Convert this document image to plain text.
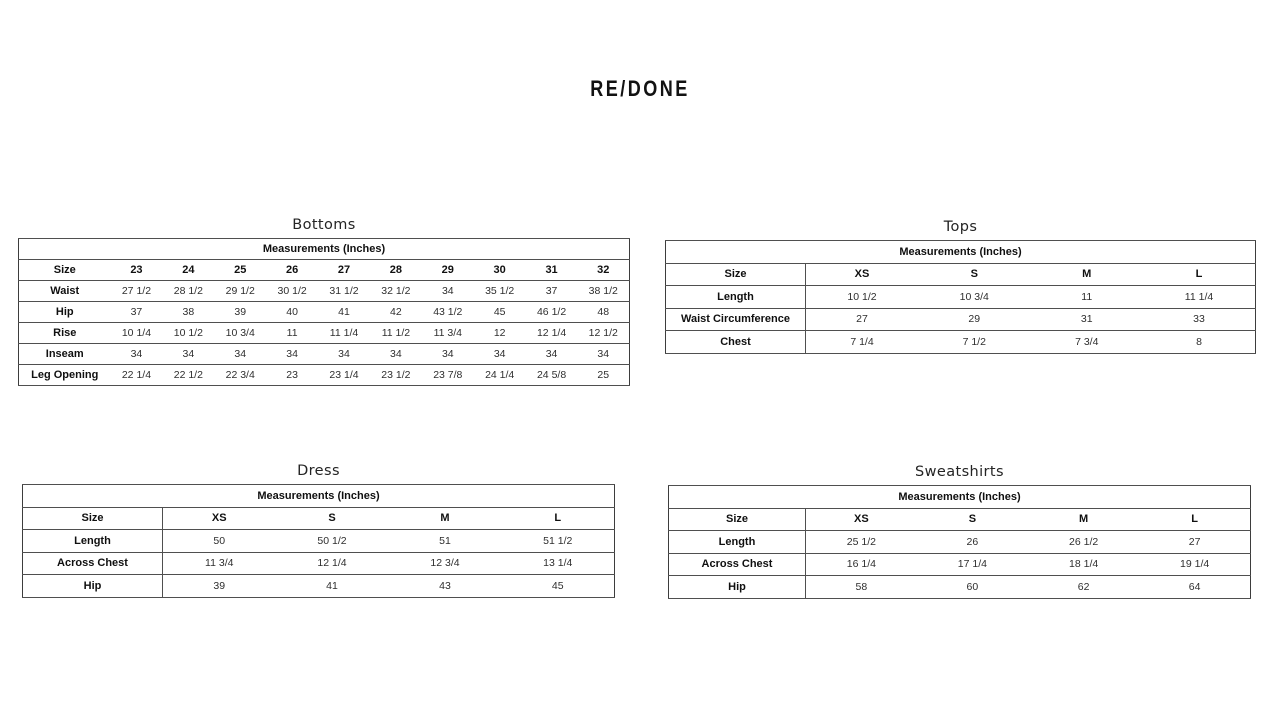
RE/DONE
Bottoms
Measurements (Inches)										
Size	23	24	25	26	27	28	29	30	31	32
Waist	27 1/2	28 1/2	29 1/2	30 1/2	31 1/2	32 1/2	34	35 1/2	37	38 1/2
Hip	37	38	39	40	41	42	43 1/2	45	46 1/2	48
Rise	10 1/4	10 1/2	10 3/4	11	11 1/4	11 1/2	11 3/4	12	12 1/4	12 1/2
Inseam	34	34	34	34	34	34	34	34	34	34
Leg Opening	22 1/4	22 1/2	22 3/4	23	23 1/4	23 1/2	23 7/8	24 1/4	24 5/8	25
Tops
Measurements (Inches)				
Size	XS	S	M	L
Length	10 1/2	10 3/4	11	11 1/4
Waist Circumference	27	29	31	33
Chest	7 1/4	7 1/2	7 3/4	8
Dress
Measurements (Inches)				
Size	XS	S	M	L
Length	50	50 1/2	51	51 1/2
Across Chest	11 3/4	12 1/4	12 3/4	13 1/4
Hip	39	41	43	45
Sweatshirts
Measurements (Inches)				
Size	XS	S	M	L
Length	25 1/2	26	26 1/2	27
Across Chest	16 1/4	17 1/4	18 1/4	19 1/4
Hip	58	60	62	64
